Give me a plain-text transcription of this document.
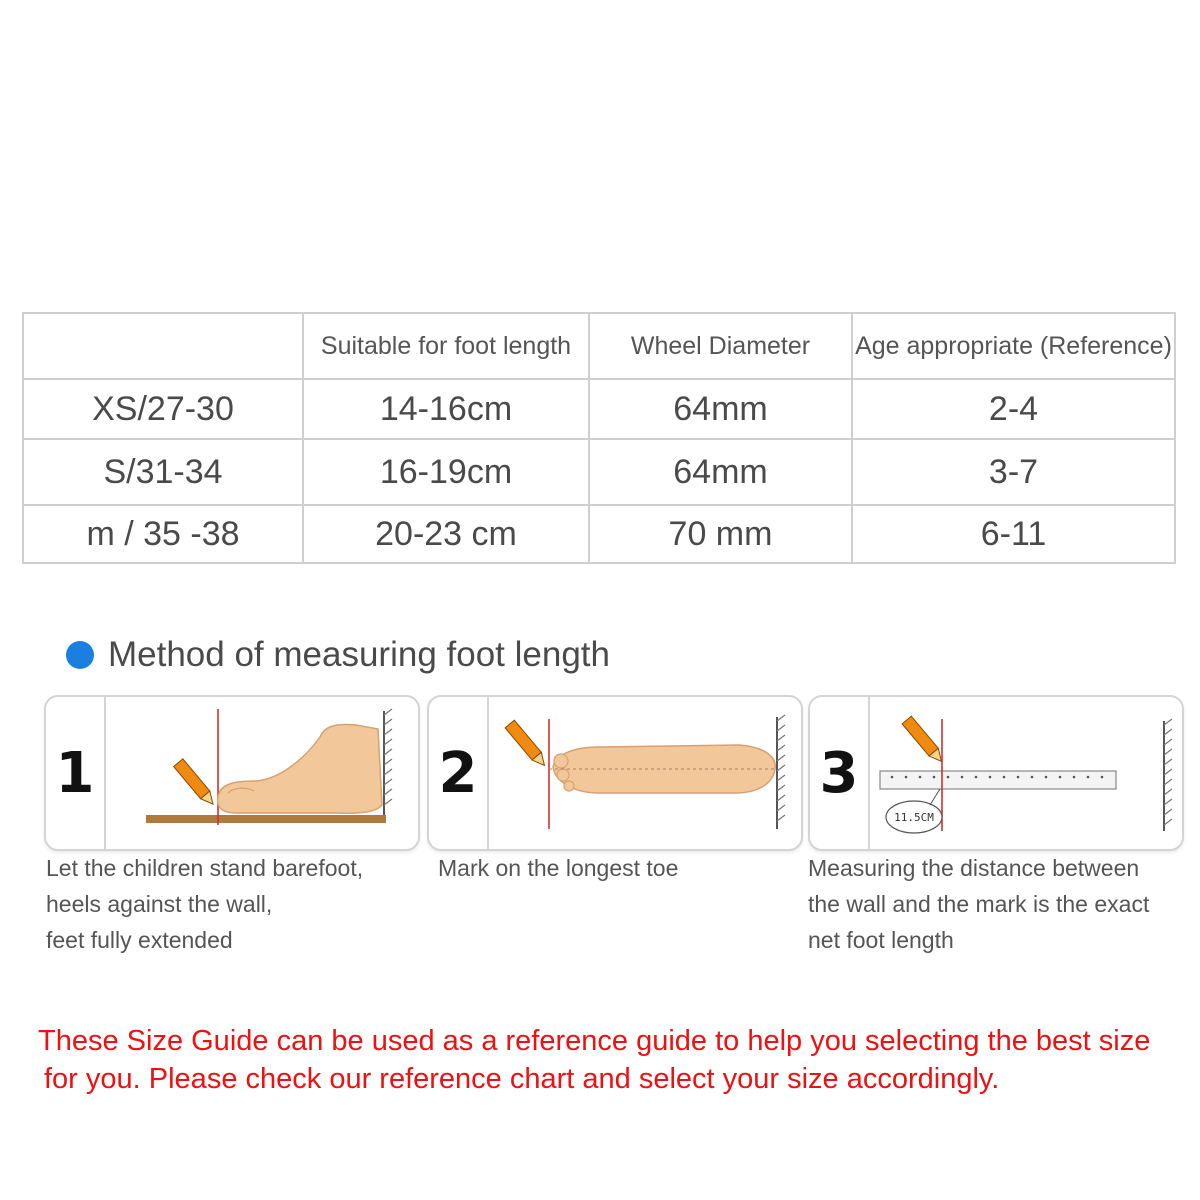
	Suitable for foot length	Wheel Diameter	Age appropriate (Reference)
XS/27-30	14-16cm	64mm	2-4
S/31-34	16-19cm	64mm	3-7
m / 35 -38	20-23 cm	70 mm	6-11
Method of measuring foot length
1	2	3
11.5CM
Let the children stand barefoot,
heels against the wall,
feet fully extended
Mark on the longest toe	Measuring the distance between
the wall and the mark is the exact
net foot length
These Size Guide can be used as a reference guide to help you selecting the best size
for you. Please check our reference chart and select your size accordingly.
